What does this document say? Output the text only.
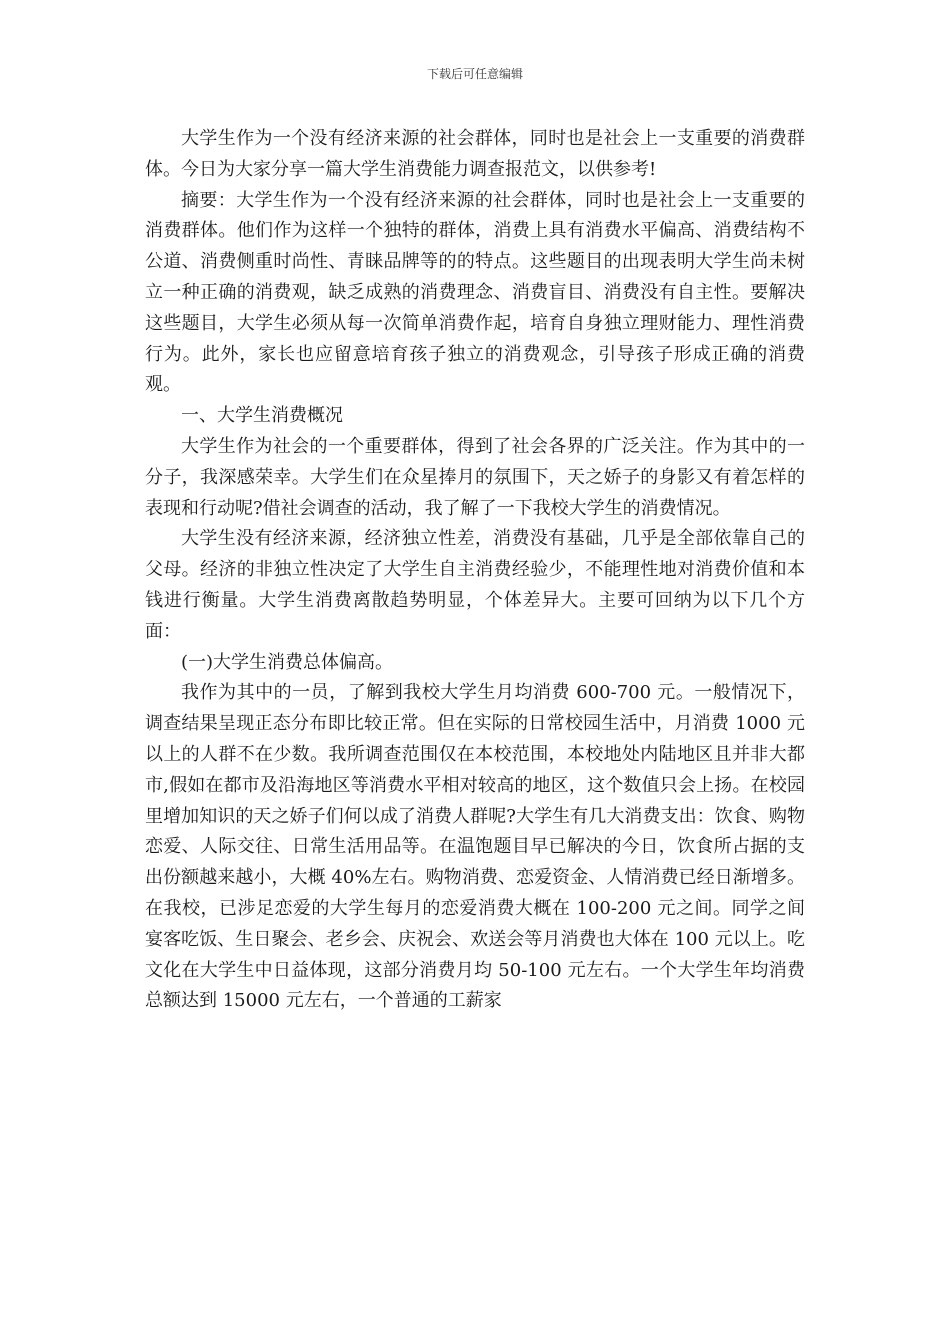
下载后可任意编辑

大学生作为一个没有经济来源的社会群体，同时也是社会上一支重要的消费群体。今日为大家分享一篇大学生消费能力调查报范文，以供参考!

摘要：大学生作为一个没有经济来源的社会群体，同时也是社会上一支重要的消费群体。他们作为这样一个独特的群体，消费上具有消费水平偏高、消费结构不公道、消费侧重时尚性、青睐品牌等的的特点。这些题目的出现表明大学生尚未树立一种正确的消费观，缺乏成熟的消费理念、消费盲目、消费没有自主性。要解决这些题目，大学生必须从每一次简单消费作起，培育自身独立理财能力、理性消费行为。此外，家长也应留意培育孩子独立的消费观念，引导孩子形成正确的消费观。

一、大学生消费概况

大学生作为社会的一个重要群体，得到了社会各界的广泛关注。作为其中的一分子，我深感荣幸。大学生们在众星捧月的氛围下，天之娇子的身影又有着怎样的表现和行动呢?借社会调查的活动，我了解了一下我校大学生的消费情况。

大学生没有经济来源，经济独立性差，消费没有基础，几乎是全部依靠自己的父母。经济的非独立性决定了大学生自主消费经验少，不能理性地对消费价值和本钱进行衡量。大学生消费离散趋势明显，个体差异大。主要可回纳为以下几个方面：

(一)大学生消费总体偏高。

我作为其中的一员，了解到我校大学生月均消费 600-700 元。一般情况下，调查结果呈现正态分布即比较正常。但在实际的日常校园生活中，月消费 1000 元以上的人群不在少数。我所调查范围仅在本校范围，本校地处内陆地区且并非大都市,假如在都市及沿海地区等消费水平相对较高的地区，这个数值只会上扬。在校园里增加知识的天之娇子们何以成了消费人群呢?大学生有几大消费支出：饮食、购物恋爱、人际交往、日常生活用品等。在温饱题目早已解决的今日，饮食所占据的支出份额越来越小，大概 40%左右。购物消费、恋爱资金、人情消费已经日渐增多。在我校，已涉足恋爱的大学生每月的恋爱消费大概在 100-200 元之间。同学之间宴客吃饭、生日聚会、老乡会、庆祝会、欢送会等月消费也大体在 100 元以上。吃文化在大学生中日益体现，这部分消费月均 50-100 元左右。一个大学生年均消费总额达到 15000 元左右，一个普通的工薪家
